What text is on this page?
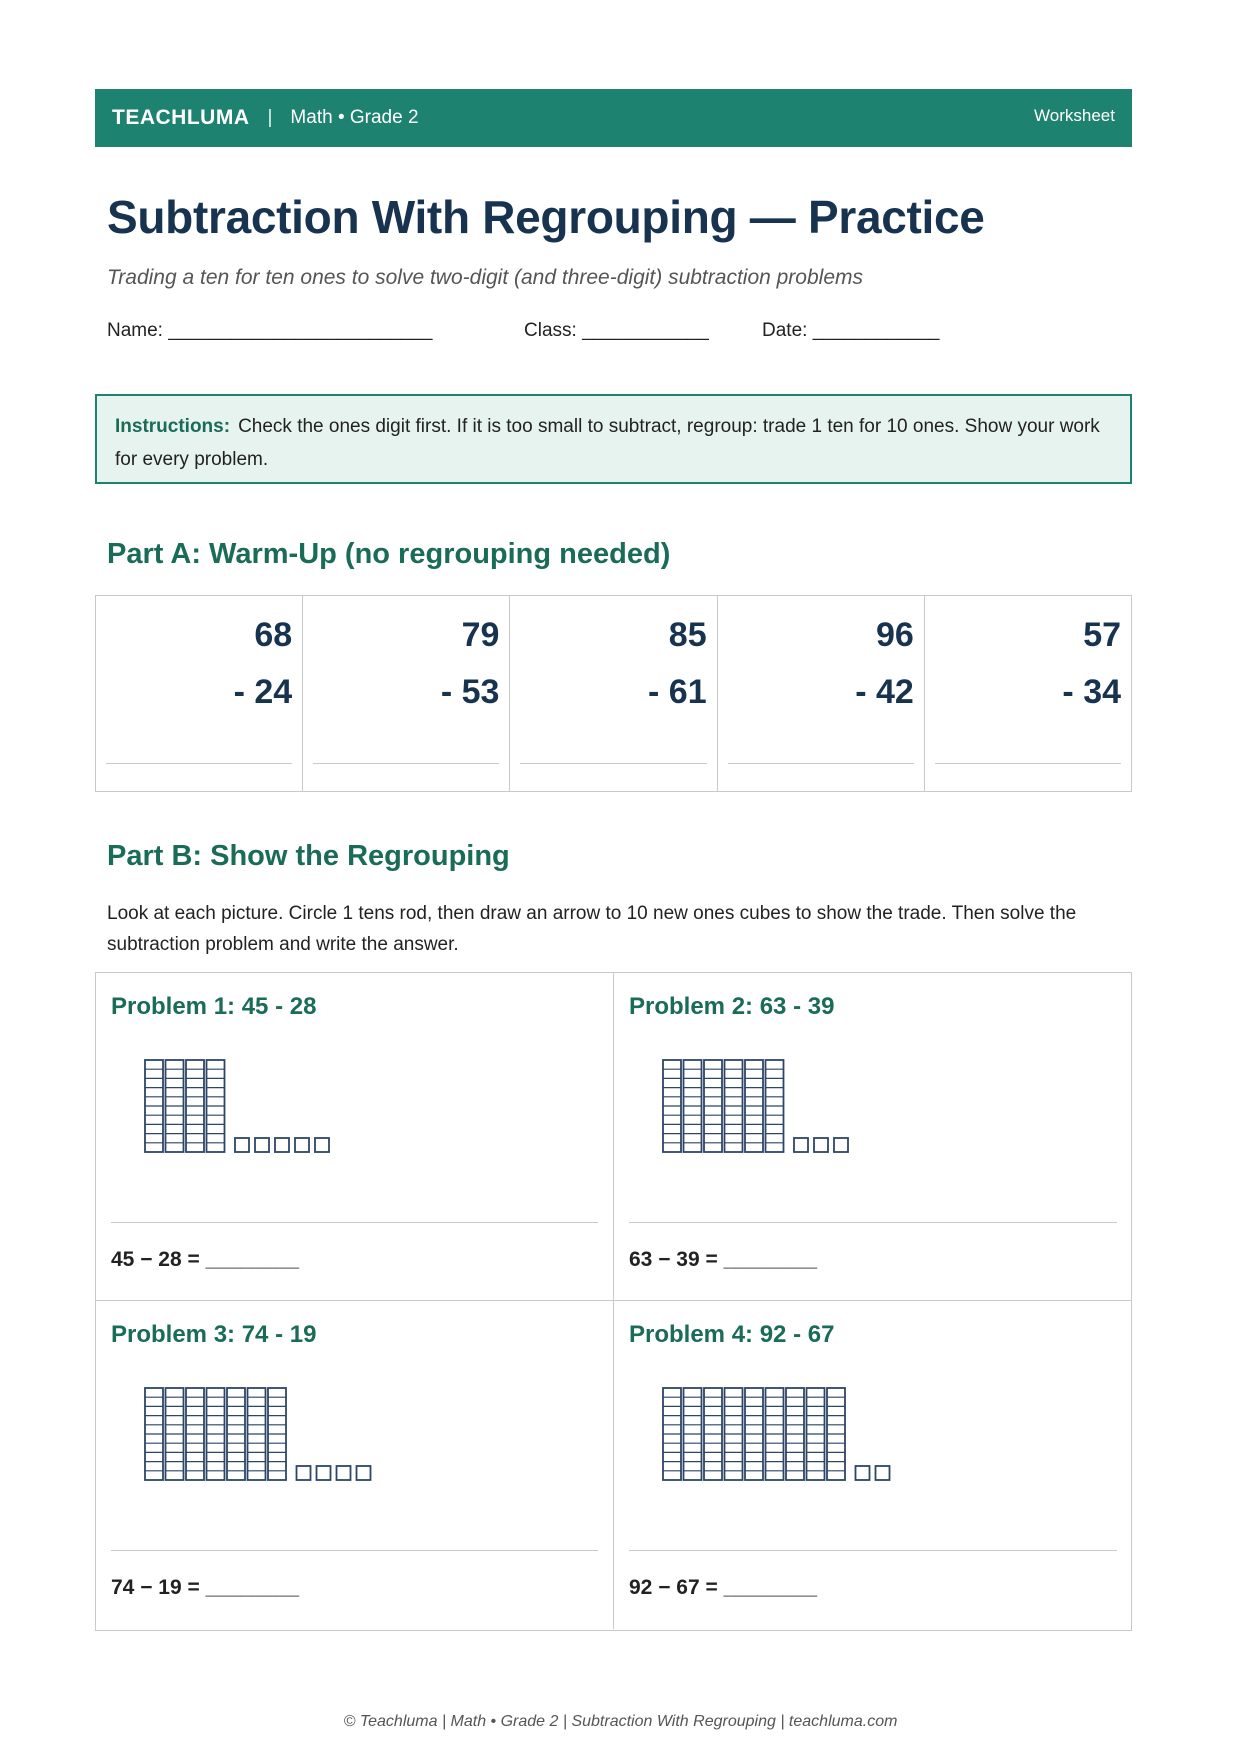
TEACHLUMA | Math • Grade 2	Worksheet
Subtraction With Regrouping — Practice
Trading a ten for ten ones to solve two-digit (and three-digit) subtraction problems
Name: _________________________	Class: ____________	Date: ____________
Instructions: Check the ones digit first. If it is too small to subtract, regroup: trade 1 ten for 10 ones. Show your work for every problem.
Part A: Warm-Up (no regrouping needed)
68
- 24
79
- 53
85
- 61
96
- 42
57
- 34
Part B: Show the Regrouping
Look at each picture. Circle 1 tens rod, then draw an arrow to 10 new ones cubes to show the trade. Then solve the subtraction problem and write the answer.
Problem 1: 45 - 28
45 − 28 = ________
Problem 2: 63 - 39
63 − 39 = ________
Problem 3: 74 - 19
74 − 19 = ________
Problem 4: 92 - 67
92 − 67 = ________
© Teachluma | Math • Grade 2 | Subtraction With Regrouping | teachluma.com
